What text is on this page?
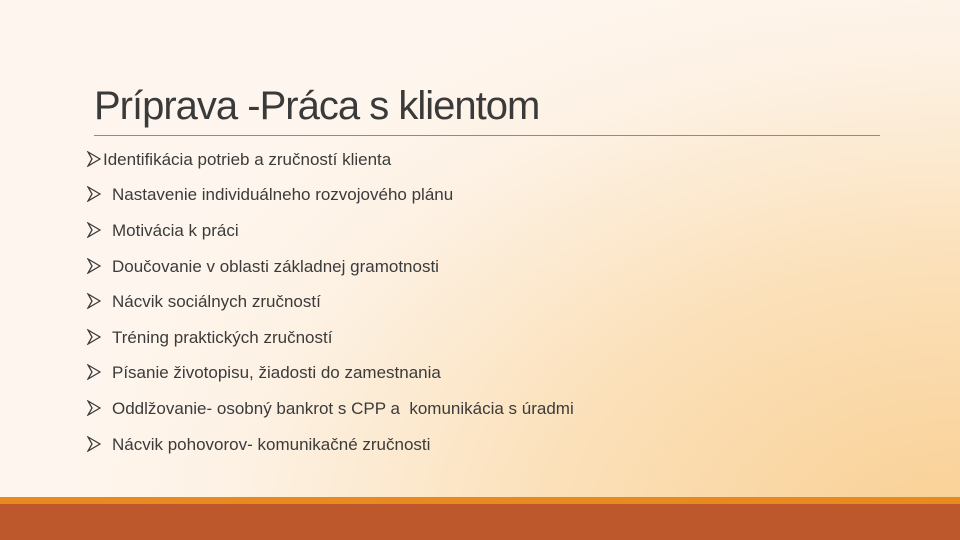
Príprava -Práca s klientom
Identifikácia potrieb a zručností klienta
Nastavenie individuálneho rozvojového plánu
Motivácia k práci
Doučovanie v oblasti základnej gramotnosti
Nácvik sociálnych zručností
Tréning praktických zručností
Písanie životopisu, žiadosti do zamestnania
Oddlžovanie- osobný bankrot s CPP a  komunikácia s úradmi
Nácvik pohovorov- komunikačné zručnosti
